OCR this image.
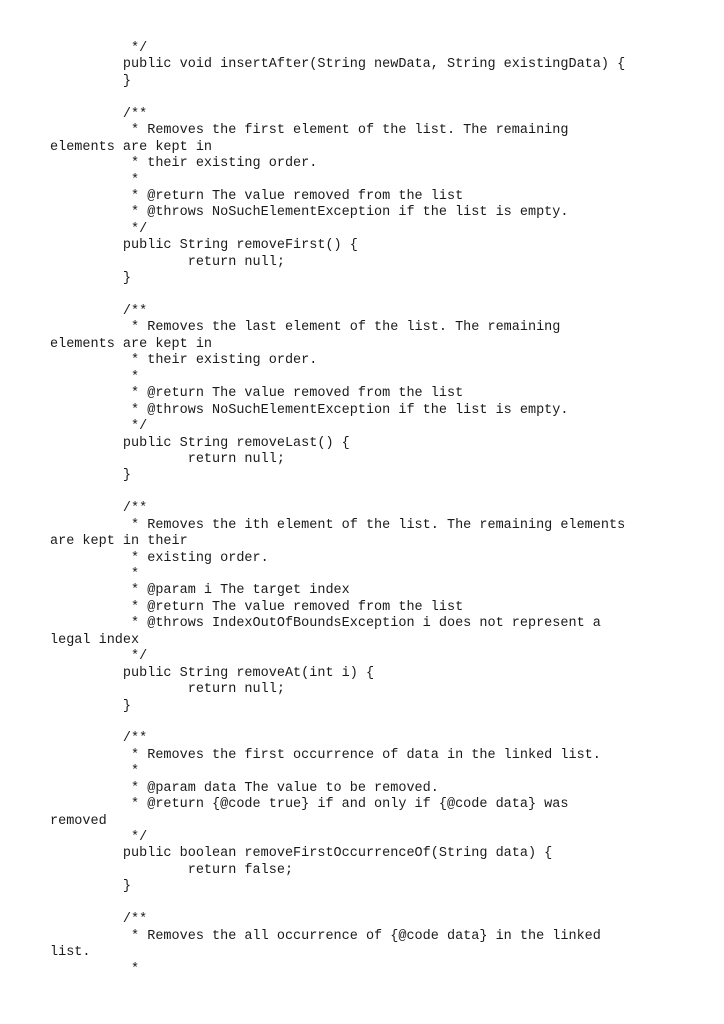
*/
public void insertAfter(String newData, String existingData) {
}
/**
* Removes the first element of the list. The remaining
elements are kept in
* their existing order.
*
* @return The value removed from the list
* @throws NoSuchElementException if the list is empty.
*/
public String removeFirst() {
return null;
}
/**
* Removes the last element of the list. The remaining
elements are kept in
* their existing order.
*
* @return The value removed from the list
* @throws NoSuchElementException if the list is empty.
*/
public String removeLast() {
return null;
}
/**
* Removes the ith element of the list. The remaining elements
are kept in their
* existing order.
*
* @param i The target index
* @return The value removed from the list
* @throws IndexOutOfBoundsException i does not represent a
legal index
*/
public String removeAt(int i) {
return null;
}
/**
* Removes the first occurrence of data in the linked list.
*
* @param data The value to be removed.
* @return {@code true} if and only if {@code data} was
removed
*/
public boolean removeFirstOccurrenceOf(String data) {
return false;
}
/**
* Removes the all occurrence of {@code data} in the linked
list.
*
